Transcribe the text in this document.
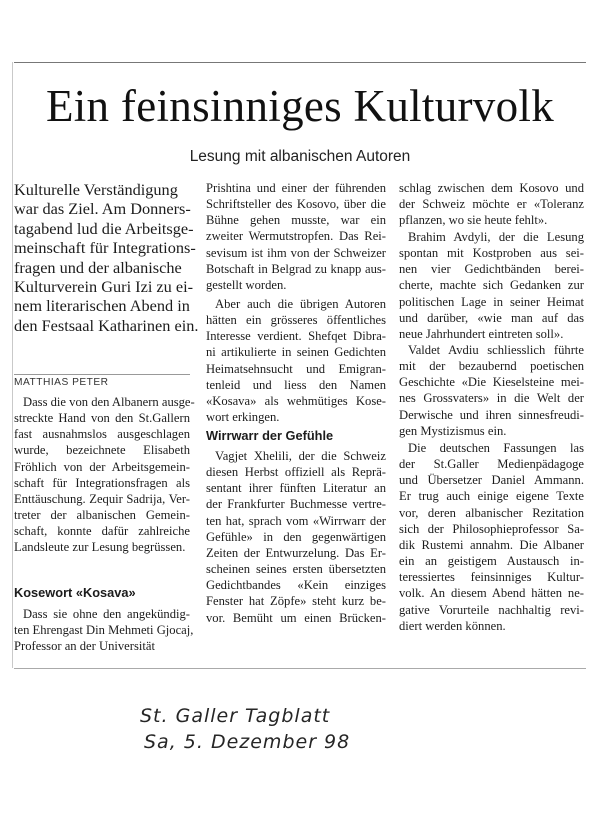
Ein feinsinniges Kulturvolk
Lesung mit albanischen Autoren
Kulturelle Verständigung
war das Ziel. Am Donners-
tagabend lud die Arbeitsge-
meinschaft für Integrations-
fragen und der albanische
Kulturverein Guri Izi zu ei-
nem literarischen Abend in
den Festsaal Katharinen ein.
MATTHIAS PETER
Dass die von den Albanern ausge-
streckte Hand von den St.Gallern
fast ausnahmslos ausgeschlagen
wurde, bezeichnete Elisabeth
Fröhlich von der Arbeitsgemein-
schaft für Integrationsfragen als
Enttäuschung. Zequir Sadrija, Ver-
treter der albanischen Gemein-
schaft, konnte dafür zahlreiche
Landsleute zur Lesung begrüssen.
Kosewort «Kosava»
Dass sie ohne den angekündig-
ten Ehrengast Din Mehmeti Gjocaj,
Professor an der Universität
Prishtina und einer der führenden
Schriftsteller des Kosovo, über die
Bühne gehen musste, war ein
zweiter Wermutstropfen. Das Rei-
sevisum ist ihm von der Schweizer
Botschaft in Belgrad zu knapp aus-
gestellt worden.
Aber auch die übrigen Autoren
hätten ein grösseres öffentliches
Interesse verdient. Shefqet Dibra-
ni artikulierte in seinen Gedichten
Heimatsehnsucht und Emigran-
tenleid und liess den Namen
«Kosava» als wehmütiges Kose-
wort erkingen.
Wirrwarr der Gefühle
Vagjet Xhelili, der die Schweiz
diesen Herbst offiziell als Reprä-
sentant ihrer fünften Literatur an
der Frankfurter Buchmesse vertre-
ten hat, sprach vom «Wirrwarr der
Gefühle» in den gegenwärtigen
Zeiten der Entwurzelung. Das Er-
scheinen seines ersten übersetzten
Gedichtbandes «Kein einziges
Fenster hat Zöpfe» steht kurz be-
vor. Bemüht um einen Brücken-
schlag zwischen dem Kosovo und
der Schweiz möchte er «Toleranz
pflanzen, wo sie heute fehlt».
Brahim Avdyli, der die Lesung
spontan mit Kostproben aus sei-
nen vier Gedichtbänden berei-
cherte, machte sich Gedanken zur
politischen Lage in seiner Heimat
und darüber, «wie man auf das
neue Jahrhundert eintreten soll».
Valdet Avdiu schliesslich führte
mit der bezaubernd poetischen
Geschichte «Die Kieselsteine mei-
nes Grossvaters» in die Welt der
Derwische und ihren sinnesfreudi-
gen Mystizismus ein.
Die deutschen Fassungen las
der St.Galler Medienpädagoge
und Übersetzer Daniel Ammann.
Er trug auch einige eigene Texte
vor, deren albanischer Rezitation
sich der Philosophieprofessor Sa-
dik Rustemi annahm. Die Albaner
ein an geistigem Austausch in-
teressiertes feinsinniges Kultur-
volk. An diesem Abend hätten ne-
gative Vorurteile nachhaltig revi-
diert werden können.
St. Galler Tagblatt
Sa, 5. Dezember 98
